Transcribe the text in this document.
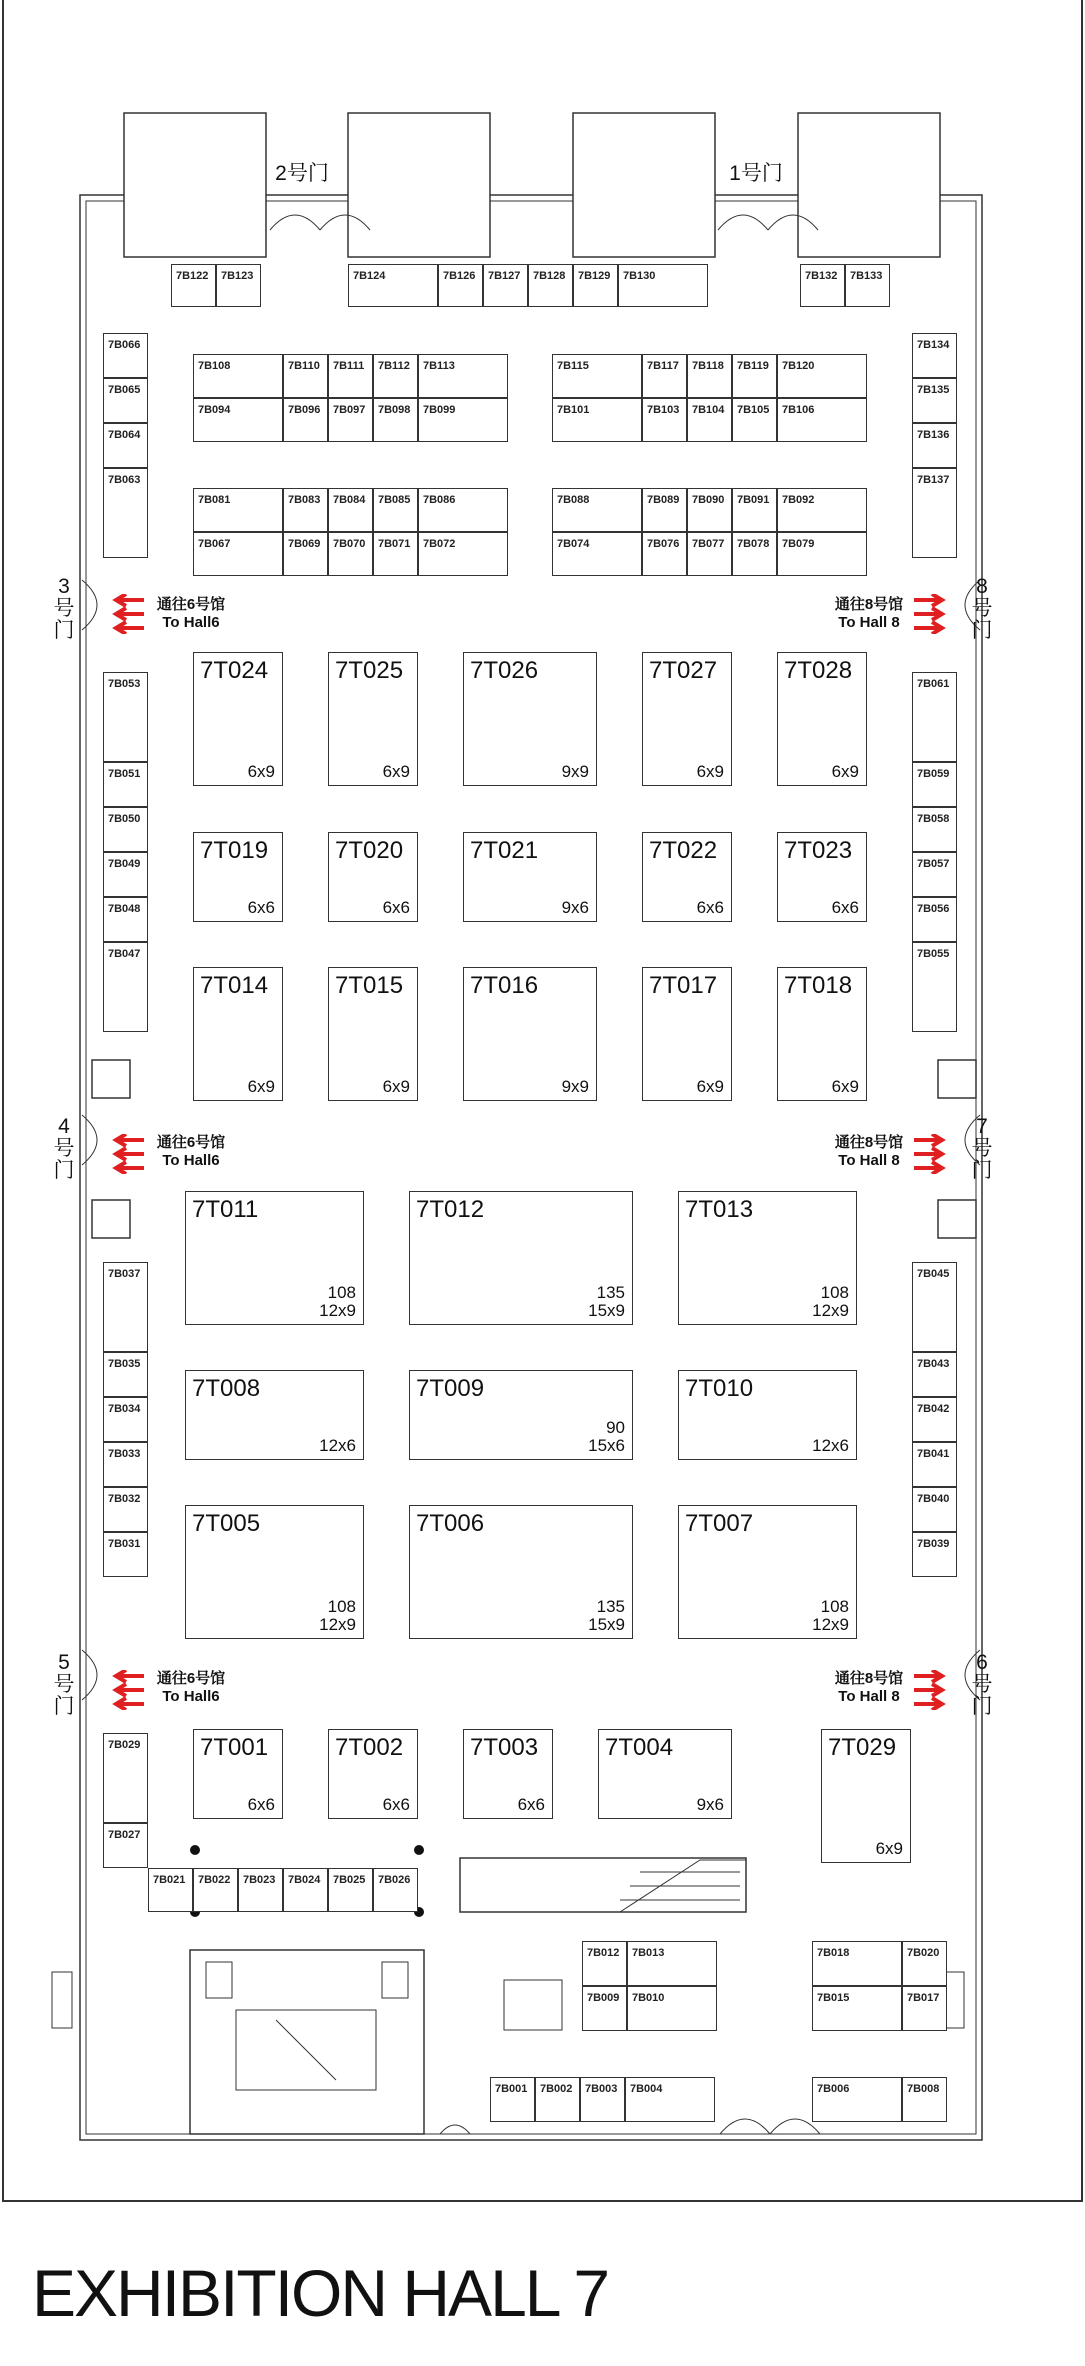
2号门	1号门
3 号 门
4 号 门
5 号 门
8 号 门
7 号 门
6 号 门
通往6号馆
To Hall6
通往6号馆
To Hall6
通往6号馆
To Hall6
通往8号馆
To Hall 8
通往8号馆
To Hall 8
通往8号馆
To Hall 8
7B122 7B123	7B124	7B126 7B127 7B128 7B129 7B130	7B132 7B133
7B066
7B065
7B064
7B063
7B134
7B135
7B136
7B137
7B108	7B110 7B111 7B112 7B113
7B094	7B096 7B097 7B098 7B099
7B115	7B117 7B118 7B119 7B120
7B101	7B103 7B104 7B105 7B106
7B081	7B083 7B084 7B085 7B086
7B067	7B069 7B070 7B071 7B072
7B088	7B089 7B090 7B091 7B092
7B074	7B076 7B077 7B078 7B079
7B053
7B051
7B050
7B049
7B048
7B047
7B061
7B059
7B058
7B057
7B056
7B055
7B037
7B035
7B034
7B033
7B032
7B031
7B045
7B043
7B042
7B041
7B040
7B039
7B029
7B027
7B021 7B022 7B023 7B024 7B025 7B026
7B012 7B013
7B009 7B010
7B018	7B020
7B015	7B017
7B001 7B002 7B003 7B004	7B006	7B008
7T024
6x9
7T025
6x9
7T026
9x9
7T027
6x9
7T028
6x9
7T019
6x6
7T020
6x6
7T021
9x6
7T022
6x6
7T023
6x6
7T014
6x9
7T015
6x9
7T016
9x9
7T017
6x9
7T018
6x9
7T011
108
12x9
7T012
135
15x9
7T013
108
12x9
7T008
12x6
7T009
90
15x6
7T010
12x6
7T005
108
12x9
7T006
135
15x9
7T007
108
12x9
7T001
6x6
7T002
6x6
7T003
6x6
7T004
9x6
7T029
6x9
EXHIBITION HALL 7
